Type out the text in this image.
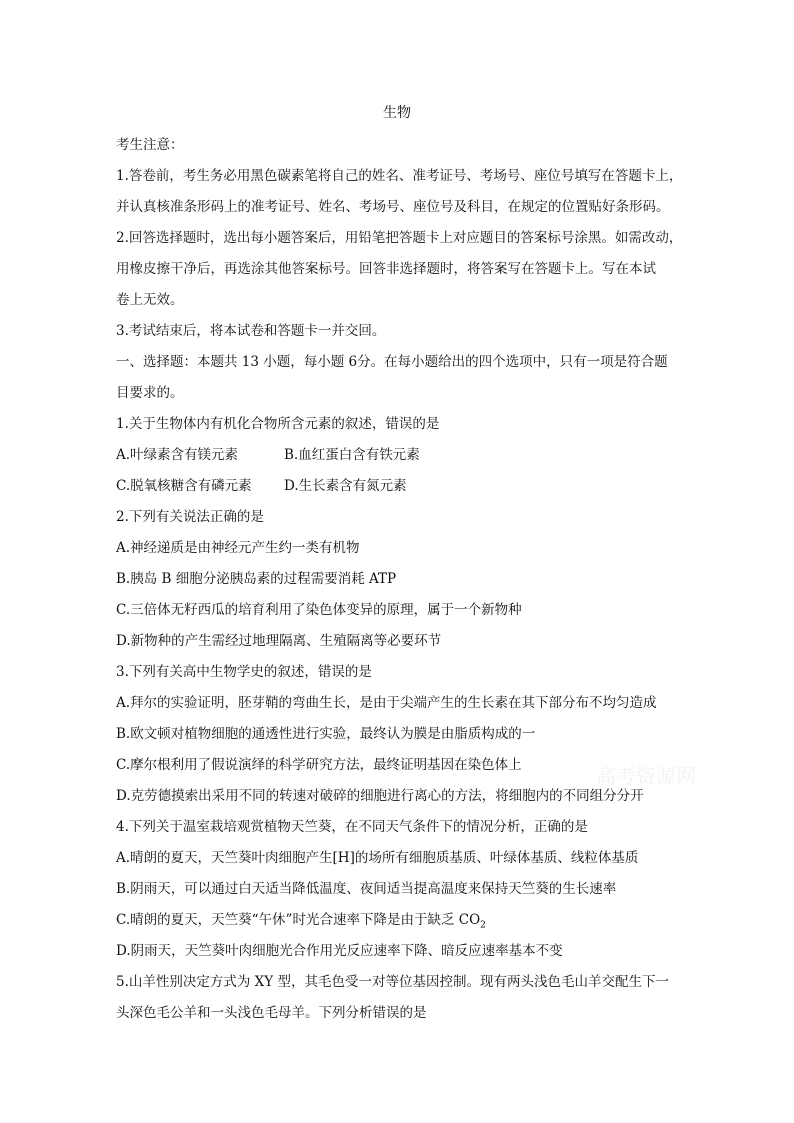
生物
考生注意：
1.答卷前，考生务必用黑色碳素笔将自己的姓名、准考证号、考场号、座位号填写在答题卡上，
并认真核准条形码上的准考证号、姓名、考场号、座位号及科目，在规定的位置贴好条形码。
2.回答选择题时，选出每小题答案后，用铅笔把答题卡上对应题目的答案标号涂黑。如需改动，
用橡皮擦干净后，再选涂其他答案标号。回答非选择题时，将答案写在答题卡上。写在本试
卷上无效。
3.考试结束后，将本试卷和答题卡一并交回。
一、选择题：本题共 13 小题，每小题 6分。在每小题给出的四个选项中，只有一项是符合题
目要求的。
1.关于生物体内有机化合物所含元素的叙述，错误的是
A.叶绿素含有镁元素	B.血红蛋白含有铁元素
C.脱氧核糖含有磷元素 D.生长素含有氮元素
2.下列有关说法正确的是
A.神经递质是由神经元产生约一类有机物
B.胰岛 B 细胞分泌胰岛素的过程需要消耗 ATP
C.三倍体无籽西瓜的培育利用了染色体变异的原理，属于一个新物种
D.新物种的产生需经过地理隔离、生殖隔离等必要环节
3.下列有关高中生物学史的叙述，错误的是
A.拜尔的实验证明，胚芽鞘的弯曲生长，是由于尖端产生的生长素在其下部分布不均匀造成
B.欧文顿对植物细胞的通透性进行实验，最终认为膜是由脂质构成的一
C.摩尔根利用了假说演绎的科学研究方法，最终证明基因在染色体上
D.克劳德摸索出采用不同的转速对破碎的细胞进行离心的方法，将细胞内的不同组分分开
4.下列关于温室栽培观赏植物天竺葵，在不同天气条件下的情况分析，正确的是
A.晴朗的夏天，天竺葵叶肉细胞产生[H]的场所有细胞质基质、叶绿体基质、线粒体基质
B.阴雨天，可以通过白天适当降低温度、夜间适当提高温度来保持天竺葵的生长速率
C.晴朗的夏天，天竺葵“午休”时光合速率下降是由于缺乏 $CO_2$
D.阴雨天，天竺葵叶肉细胞光合作用光反应速率下降、暗反应速率基本不变
5.山羊性别决定方式为 XY 型，其毛色受一对等位基因控制。现有两头浅色毛山羊交配生下一
头深色毛公羊和一头浅色毛母羊。下列分析错误的是
高考资源网
